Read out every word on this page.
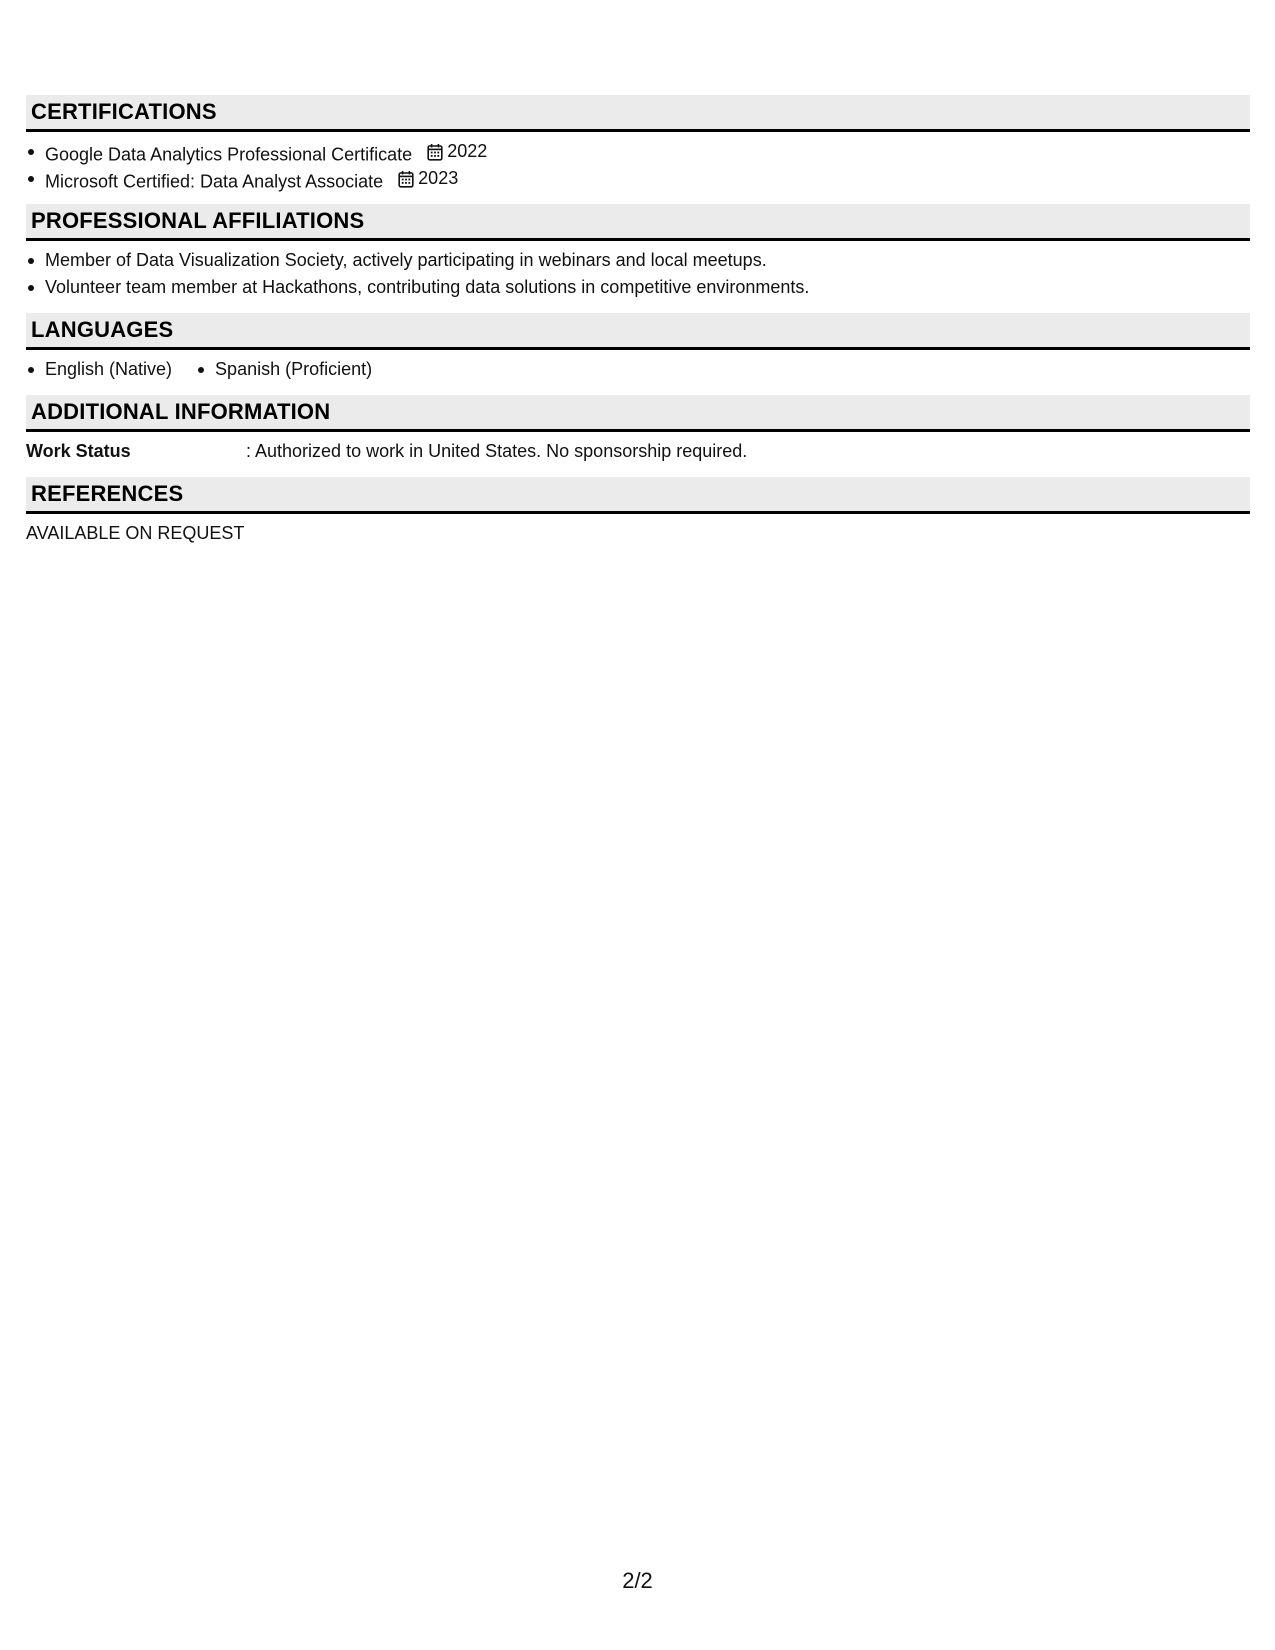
CERTIFICATIONS
Google Data Analytics Professional Certificate 2022
Microsoft Certified: Data Analyst Associate 2023
PROFESSIONAL AFFILIATIONS
Member of Data Visualization Society, actively participating in webinars and local meetups.
Volunteer team member at Hackathons, contributing data solutions in competitive environments.
LANGUAGES
English (Native)	Spanish (Proficient)
ADDITIONAL INFORMATION
Work Status	: Authorized to work in United States. No sponsorship required.
REFERENCES
AVAILABLE ON REQUEST
2/2
